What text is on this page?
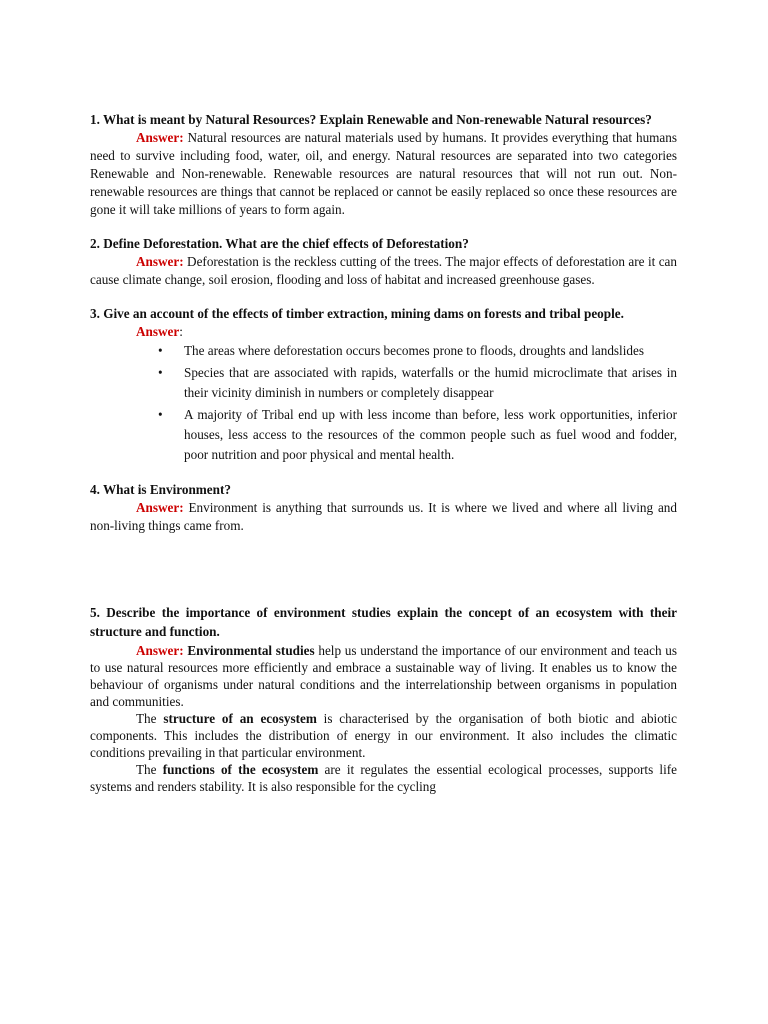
1. What is meant by Natural Resources? Explain Renewable and Non-renewable Natural resources?

Answer: Natural resources are natural materials used by humans. It provides everything that humans need to survive including food, water, oil, and energy. Natural resources are separated into two categories Renewable and Non-renewable. Renewable resources are natural resources that will not run out. Non- renewable resources are things that cannot be replaced or cannot be easily replaced so once these resources are gone it will take millions of years to form again.

2. Define Deforestation. What are the chief effects of Deforestation?

Answer: Deforestation is the reckless cutting of the trees. The major effects of deforestation are it can cause climate change, soil erosion, flooding and loss of habitat and increased greenhouse gases.

3. Give an account of the effects of timber extraction, mining dams on forests and tribal people.

Answer:

• The areas where deforestation occurs becomes prone to floods, droughts and landslides
• Species that are associated with rapids, waterfalls or the humid microclimate that arises in their vicinity diminish in numbers or completely disappear
• A majority of Tribal end up with less income than before, less work opportunities, inferior houses, less access to the resources of the common people such as fuel wood and fodder, poor nutrition and poor physical and mental health.

4. What is Environment?

Answer: Environment is anything that surrounds us. It is where we lived and where all living and non-living things came from.

5. Describe the importance of environment studies explain the concept of an ecosystem with their structure and function.

Answer: Environmental studies help us understand the importance of our environment and teach us to use natural resources more efficiently and embrace a sustainable way of living. It enables us to know the behaviour of organisms under natural conditions and the interrelationship between organisms in population and communities.

The structure of an ecosystem is characterised by the organisation of both biotic and abiotic components. This includes the distribution of energy in our environment. It also includes the climatic conditions prevailing in that particular environment.

The functions of the ecosystem are it regulates the essential ecological processes, supports life systems and renders stability. It is also responsible for the cycling
